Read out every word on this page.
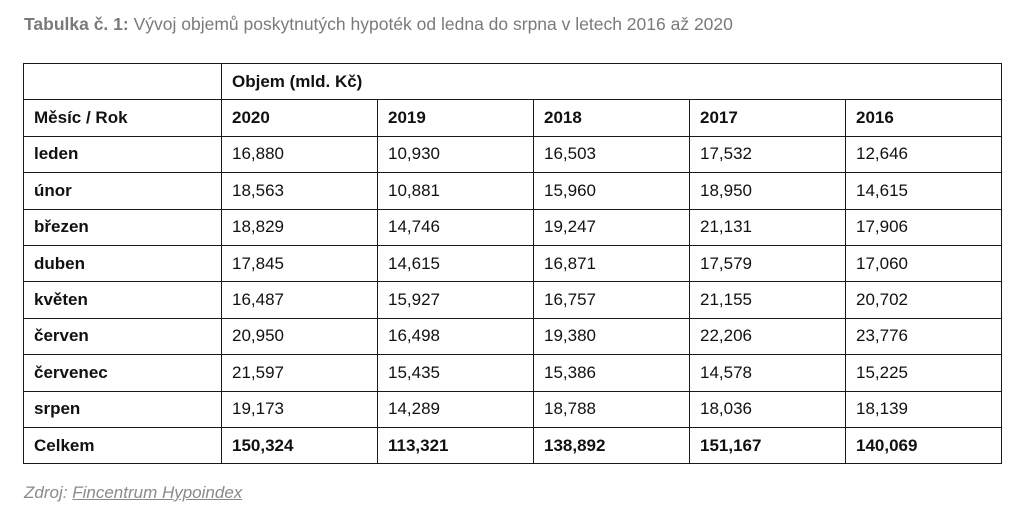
Tabulka č. 1: Vývoj objemů poskytnutých hypoték od ledna do srpna v letech 2016 až 2020
	Objem (mld. Kč)				
Měsíc / Rok	2020	2019	2018	2017	2016
leden	16,880	10,930	16,503	17,532	12,646
únor	18,563	10,881	15,960	18,950	14,615
březen	18,829	14,746	19,247	21,131	17,906
duben	17,845	14,615	16,871	17,579	17,060
květen	16,487	15,927	16,757	21,155	20,702
červen	20,950	16,498	19,380	22,206	23,776
červenec	21,597	15,435	15,386	14,578	15,225
srpen	19,173	14,289	18,788	18,036	18,139
Celkem	150,324	113,321	138,892	151,167	140,069
Zdroj: Fincentrum Hypoindex
